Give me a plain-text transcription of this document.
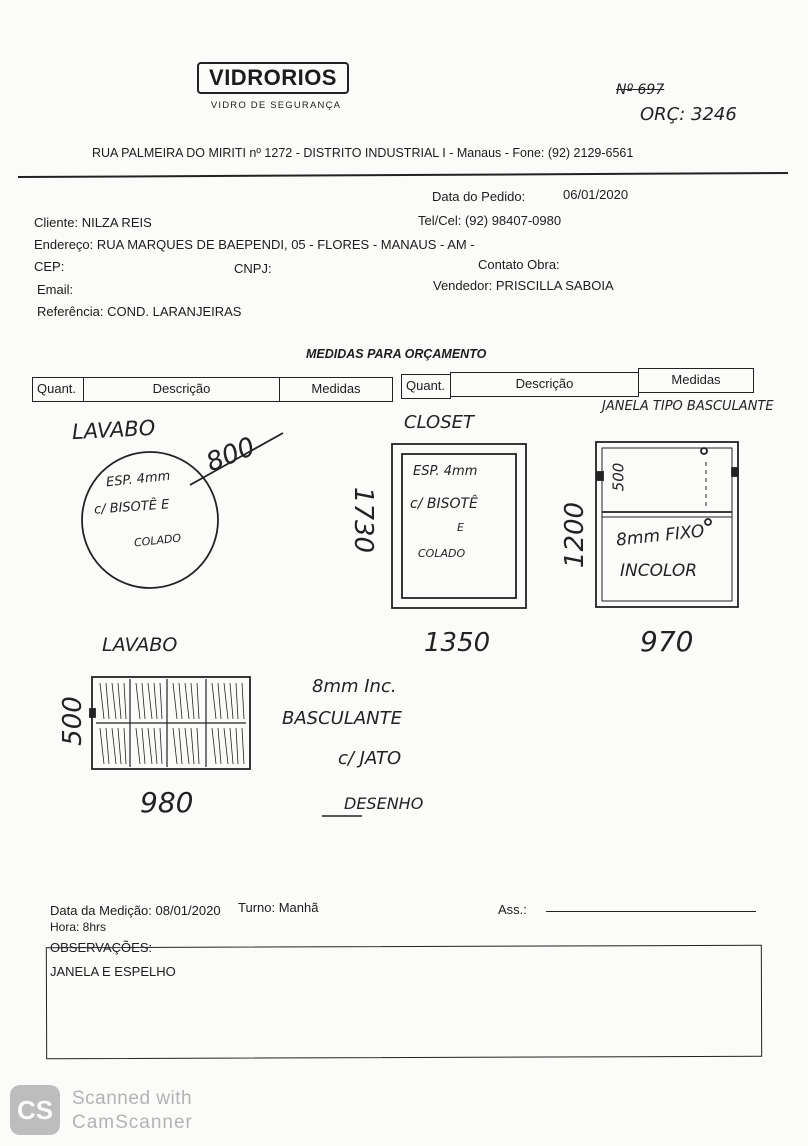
VIDRORIOS
VIDRO DE SEGURANÇA
Nº 697
ORÇ: 3246
RUA PALMEIRA DO MIRITI nº 1272 - DISTRITO INDUSTRIAL I - Manaus - Fone: (92) 2129-6561
Data do Pedido:	06/01/2020
Cliente: NILZA REIS	Tel/Cel: (92) 98407-0980
Endereço: RUA MARQUES DE BAEPENDI, 05 - FLORES - MANAUS - AM -
CEP:	CNPJ:	Contato Obra:
Email:	Vendedor: PRISCILLA SABOIA
Referência: COND. LARANJEIRAS
MEDIDAS PARA ORÇAMENTO
Quant.	Descrição	Medidas	Quant.	Descrição	Medidas
LAVABO
800
ESP. 4mm
c/ BISOTÊ E
COLADO
CLOSET
1730
1350
ESP. 4mm
c/ BISOTÊ
E
COLADO
JANELA TIPO BASCULANTE
1200
500
970
8mm FIXO
INCOLOR
LAVABO
500
980
8mm Inc.
BASCULANTE
c/ JATO
DESENHO
Data da Medição: 08/01/2020 Turno: Manhã
Hora: 8hrs
Ass.:
OBSERVAÇÕES:
JANELA E ESPELHO
CS Scanned with
CamScanner
